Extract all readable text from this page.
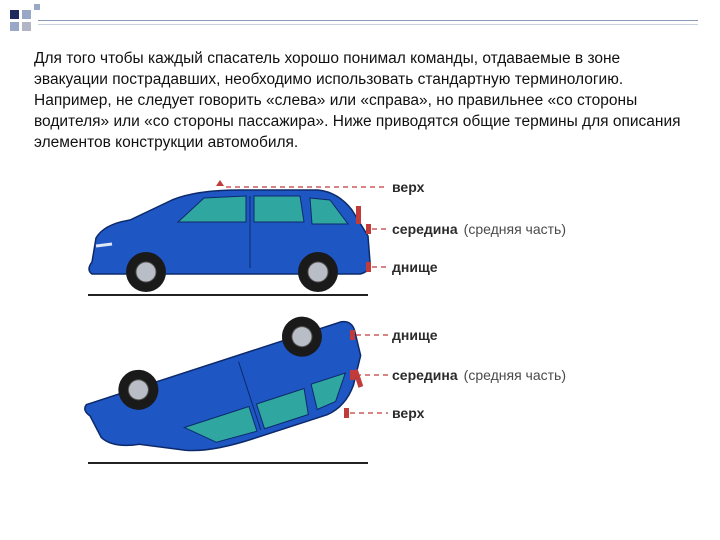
Для того чтобы каждый спасатель хорошо понимал команды, отдаваемые в зоне эвакуации пострадавших, необходимо использовать стандартную терминологию. Например, не следует говорить «слева» или «справа», но правильнее «со стороны водителя» или «со стороны пассажира». Ниже приводятся общие термины для описания элементов конструкции автомобиля.

верх
середина (средняя часть)
днище
днище
середина (средняя часть)
верх
